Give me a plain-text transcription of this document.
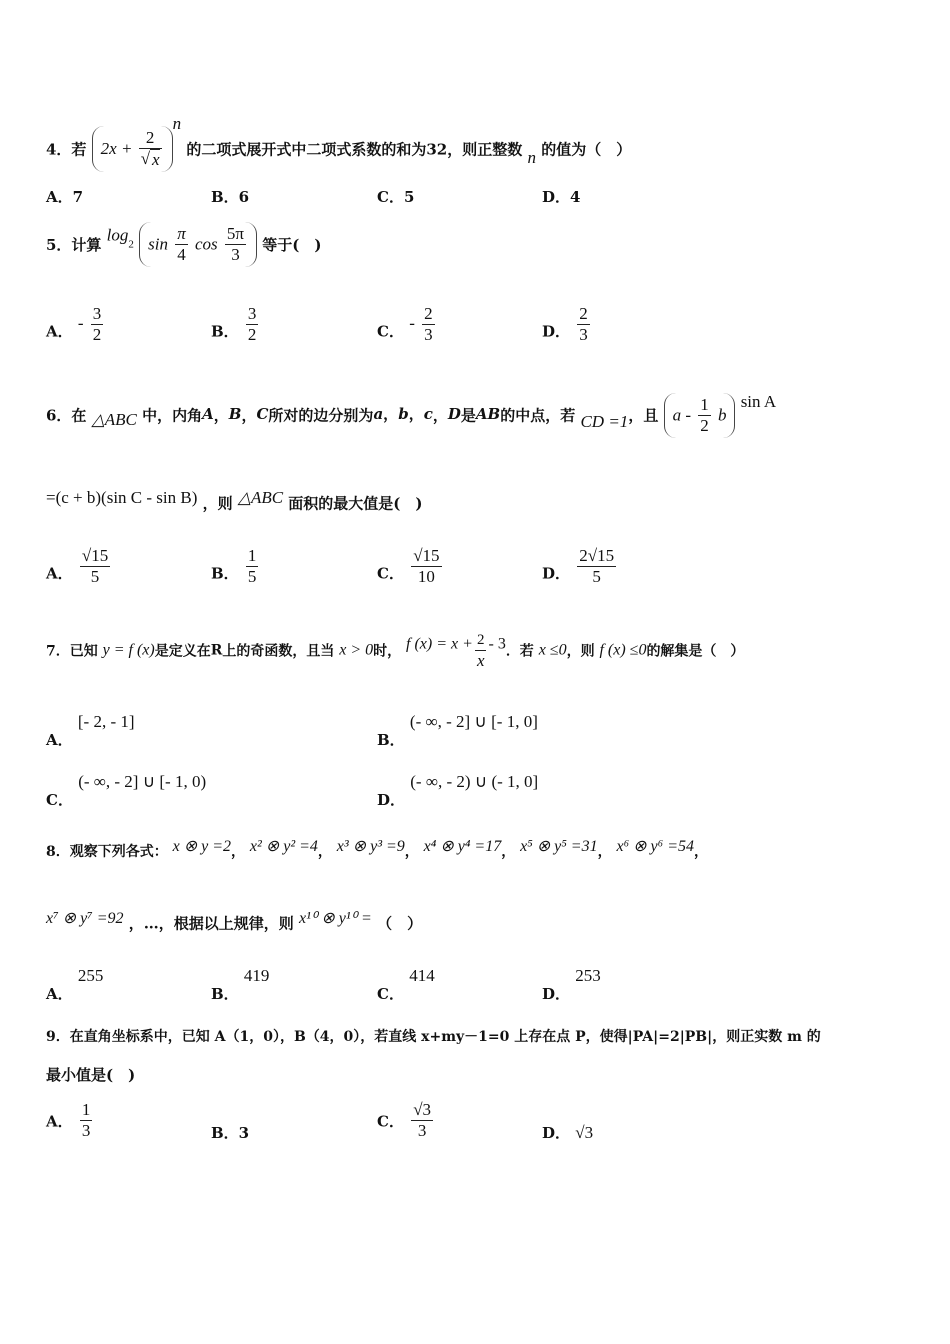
4．若 $2x + \frac{2}{√ x}$
$^n$ 的二项式展开式中二项式系数的和为32，则正整数 n 的值为（　）
A．7	B．6	C．5	D．4
5．计算 log2 $\sin \frac{\pi}{4}$ $\cos \frac{5\pi}{3}$ 等于(　)
A． - $\frac{3}{2}$	B． $\frac{3}{2}$	C． - $\frac{2}{3}$	D． $\frac{2}{3}$
6．在 △ABC 中，内角A，B，C所对的边分别为a，b，c，D是AB的中点，若 CD =1，且 a - $\frac{1}{2}$ b sin A
=(c + b)(sin C - sin B) ，则 △ABC 面积的最大值是(　)
A． $\frac{√15}{5}$	B． $\frac{1}{5}$	C． $\frac{√15}{10}$	D． $\frac{2√15}{5}$
7．已知 y = f (x)是定义在R上的奇函数，且当 x > 0时， f $(x) = x + \frac{2}{x} - 3$．若 x ≤0，则 f (x) ≤0的解集是（　）
A． [- 2, - 1]
B． (- ∞, - 2] ∪ [- 1, 0]
C． (- ∞, - 2] ∪ [- 1, 0)
D． (- ∞, - 2) ∪ (- 1, 0]
8．观察下列各式： x ⊗ y =2， x² ⊗ y² =4， x³ ⊗ y³ =9， x⁴ ⊗ y⁴ =17， x⁵ ⊗ y⁵ =31， x⁶ ⊗ y⁶ =54，
x⁷ ⊗ y⁷ =92 ，…，根据以上规律，则 x¹⁰ ⊗ y¹⁰ = （　）
A． 255
B． 419
C． 414
D． 253
9．在直角坐标系中，已知 A（1，0），B（4，0），若直线 x+my－1=0 上存在点 P，使得|PA|=2|PB|，则正实数 m 的
最小值是(　)
A． $\frac{1}{3}$	B．3
C． $\frac{√3}{3}$	D． √3
